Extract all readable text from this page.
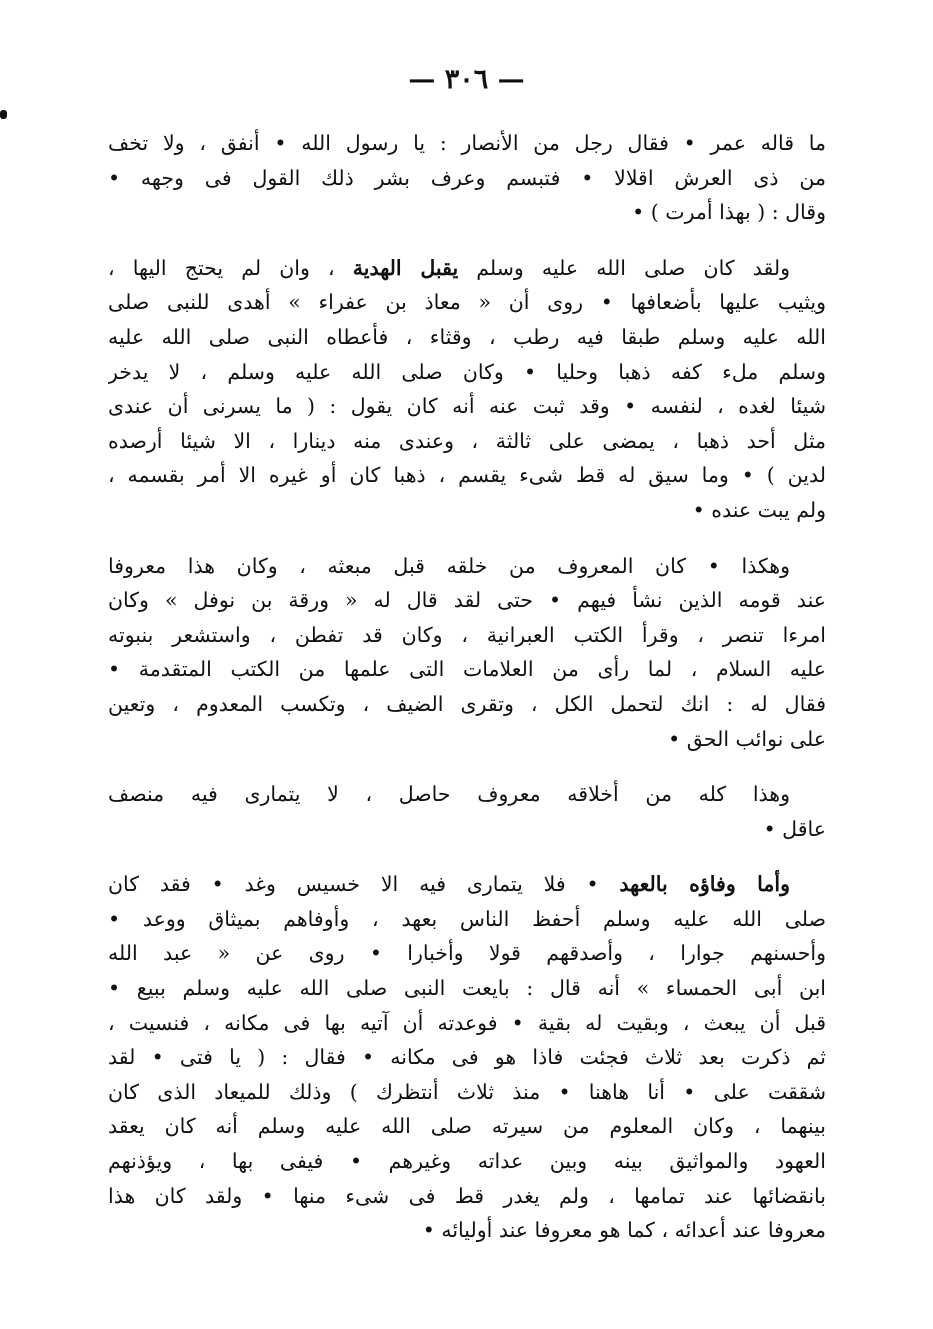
— ٣٠٦ —
ما قاله عمر • فقال رجل من الأنصار : يا رسول الله • أنفق ، ولا تخف
من ذى العرش اقلالا • فتبسم وعرف بشر ذلك القول فى وجهه •
وقال : ( بهذا أمرت ) •
ولقد كان صلى الله عليه وسلم يقبل الهدية ، وان لم يحتج اليها ،
ويثيب عليها بأضعافها • روى أن « معاذ بن عفراء » أهدى للنبى صلى
الله عليه وسلم طبقا فيه رطب ، وقثاء ، فأعطاه النبى صلى الله عليه
وسلم ملء كفه ذهبا وحليا • وكان صلى الله عليه وسلم ، لا يدخر
شيئا لغده ، لنفسه • وقد ثبت عنه أنه كان يقول : ( ما يسرنى أن عندى
مثل أحد ذهبا ، يمضى على ثالثة ، وعندى منه دينارا ، الا شيئا أرصده
لدين ) • وما سيق له قط شىء يقسم ، ذهبا كان أو غيره الا أمر بقسمه ،
ولم يبت عنده •
وهكذا • كان المعروف من خلقه قبل مبعثه ، وكان هذا معروفا
عند قومه الذين نشأ فيهم • حتى لقد قال له « ورقة بن نوفل » وكان
امرءا تنصر ، وقرأ الكتب العبرانية ، وكان قد تفطن ، واستشعر بنبوته
عليه السلام ، لما رأى من العلامات التى علمها من الكتب المتقدمة •
فقال له : انك لتحمل الكل ، وتقرى الضيف ، وتكسب المعدوم ، وتعين
على نوائب الحق •
وهذا كله من أخلاقه معروف حاصل ، لا يتمارى فيه منصف
عاقل •
وأما وفاؤه بالعهد • فلا يتمارى فيه الا خسيس وغد • فقد كان
صلى الله عليه وسلم أحفظ الناس بعهد ، وأوفاهم بميثاق ووعد •
وأحسنهم جوارا ، وأصدقهم قولا وأخبارا • روى عن « عبد الله
ابن أبى الحمساء » أنه قال : بايعت النبى صلى الله عليه وسلم ببيع •
قبل أن يبعث ، وبقيت له بقية • فوعدته أن آتيه بها فى مكانه ، فنسيت ،
ثم ذكرت بعد ثلاث فجئت فاذا هو فى مكانه • فقال : ( يا فتى • لقد
شققت على • أنا هاهنا • منذ ثلاث أنتظرك ) وذلك للميعاد الذى كان
بينهما ، وكان المعلوم من سيرته صلى الله عليه وسلم أنه كان يعقد
العهود والمواثيق بينه وبين عداته وغيرهم • فيفى بها ، ويؤذنهم
بانقضائها عند تمامها ، ولم يغدر قط فى شىء منها • ولقد كان هذا
معروفا عند أعدائه ، كما هو معروفا عند أوليائه •
